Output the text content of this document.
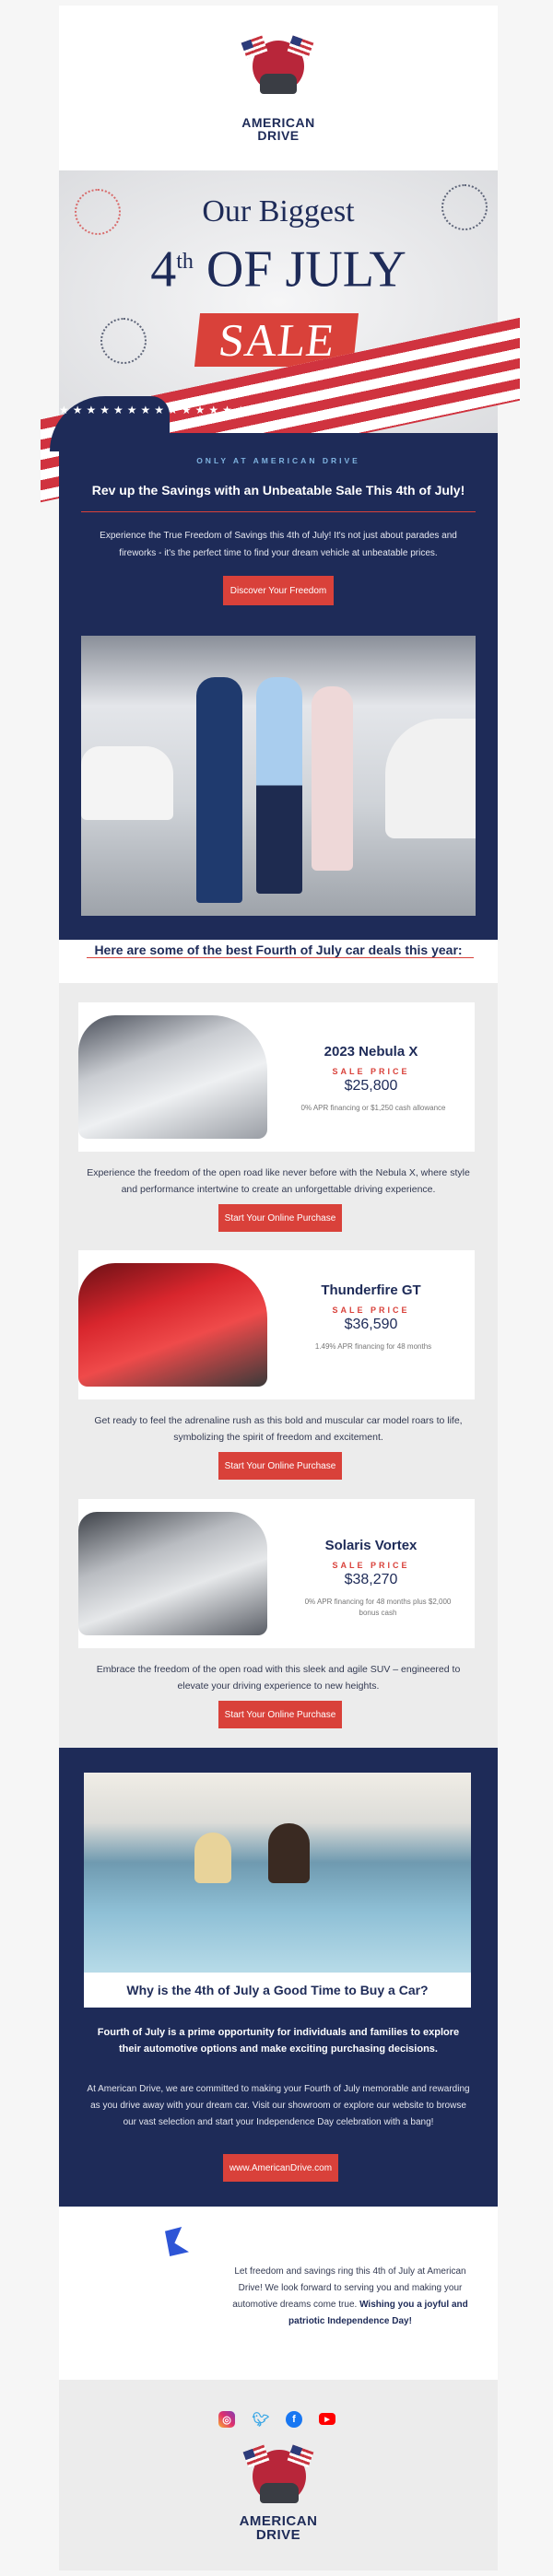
AMERICAN
DRIVE
Our Biggest
4th OF JULY
SALE
★★★★★★★★★★★★★★
ONLY AT AMERICAN DRIVE
Rev up the Savings with an Unbeatable Sale This 4th of July!
Experience the True Freedom of Savings this 4th of July! It's not just about parades and fireworks - it's the perfect time to find your dream vehicle at unbeatable prices.
Discover Your Freedom
Here are some of the best Fourth of July car deals this year:
2023 Nebula X
SALE PRICE
$25,800
0% APR financing or $1,250 cash allowance
Experience the freedom of the open road like never before with the Nebula X, where style and performance intertwine to create an unforgettable driving experience.
Start Your Online Purchase
Thunderfire GT
SALE PRICE
$36,590
1.49% APR financing for 48 months
Get ready to feel the adrenaline rush as this bold and muscular car model roars to life, symbolizing the spirit of freedom and excitement.
Start Your Online Purchase
Solaris Vortex
SALE PRICE
$38,270
0% APR financing for 48 months plus $2,000 bonus cash
Embrace the freedom of the open road with this sleek and agile SUV – engineered to elevate your driving experience to new heights.
Start Your Online Purchase
Why is the 4th of July a Good Time to Buy a Car?
Fourth of July is a prime opportunity for individuals and families to explore their automotive options and make exciting purchasing decisions.
At American Drive, we are committed to making your Fourth of July memorable and rewarding as you drive away with your dream car. Visit our showroom or explore our website to browse our vast selection and start your Independence Day celebration with a bang!
www.AmericanDrive.com
Let freedom and savings ring this 4th of July at American Drive! We look forward to serving you and making your automotive dreams come true. Wishing you a joyful and patriotic Independence Day!
◎ 🐦︎	f	▶
AMERICAN
DRIVE
